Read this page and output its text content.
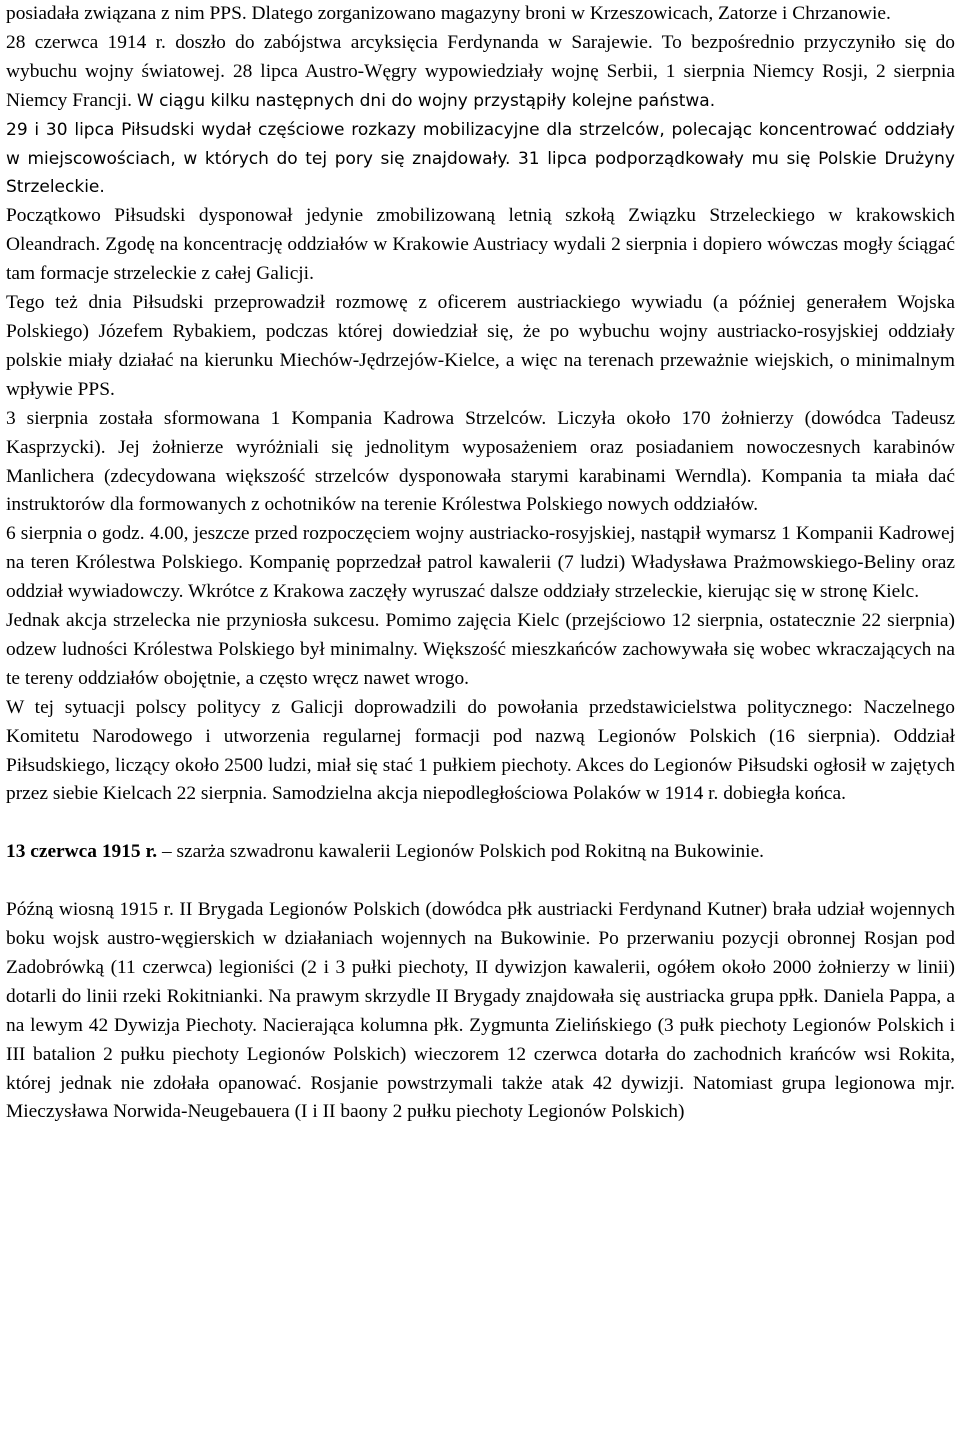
posiadała związana z nim PPS. Dlatego zorganizowano magazyny broni w Krzeszowicach, Zatorze i Chrzanowie.

28 czerwca 1914 r. doszło do zabójstwa arcyksięcia Ferdynanda w Sarajewie. To bezpośrednio przyczyniło się do wybuchu wojny światowej. 28 lipca Austro-Węgry wypowiedziały wojnę Serbii, 1 sierpnia Niemcy Rosji, 2 sierpnia Niemcy Francji. W ciągu kilku następnych dni do wojny przystąpiły kolejne państwa.

29 i 30 lipca Piłsudski wydał częściowe rozkazy mobilizacyjne dla strzelców, polecając koncentrować oddziały w miejscowościach, w których do tej pory się znajdowały. 31 lipca podporządkowały mu się Polskie Drużyny Strzeleckie.

Początkowo Piłsudski dysponował jedynie zmobilizowaną letnią szkołą Związku Strzeleckiego w krakowskich Oleandrach. Zgodę na koncentrację oddziałów w Krakowie Austriacy wydali 2 sierpnia i dopiero wówczas mogły ściągać tam formacje strzeleckie z całej Galicji.

Tego też dnia Piłsudski przeprowadził rozmowę z oficerem austriackiego wywiadu (a później generałem Wojska Polskiego) Józefem Rybakiem, podczas której dowiedział się, że po wybuchu wojny austriacko-rosyjskiej oddziały polskie miały działać na kierunku Miechów-Jędrzejów-Kielce, a więc na terenach przeważnie wiejskich, o minimalnym wpływie PPS.

3 sierpnia została sformowana 1 Kompania Kadrowa Strzelców. Liczyła około 170 żołnierzy (dowódca Tadeusz Kasprzycki). Jej żołnierze wyróżniali się jednolitym wyposażeniem oraz posiadaniem nowoczesnych karabinów Manlichera (zdecydowana większość strzelców dysponowała starymi karabinami Werndla). Kompania ta miała dać instruktorów dla formowanych z ochotników na terenie Królestwa Polskiego nowych oddziałów.

6 sierpnia o godz. 4.00, jeszcze przed rozpoczęciem wojny austriacko-rosyjskiej, nastąpił wymarsz 1 Kompanii Kadrowej na teren Królestwa Polskiego. Kompanię poprzedzał patrol kawalerii (7 ludzi) Władysława Prażmowskiego-Beliny oraz oddział wywiadowczy. Wkrótce z Krakowa zaczęły wyruszać dalsze oddziały strzeleckie, kierując się w stronę Kielc.

Jednak akcja strzelecka nie przyniosła sukcesu. Pomimo zajęcia Kielc (przejściowo 12 sierpnia, ostatecznie 22 sierpnia) odzew ludności Królestwa Polskiego był minimalny. Większość mieszkańców zachowywała się wobec wkraczających na te tereny oddziałów obojętnie, a często wręcz nawet wrogo.

W tej sytuacji polscy politycy z Galicji doprowadzili do powołania przedstawicielstwa politycznego: Naczelnego Komitetu Narodowego i utworzenia regularnej formacji pod nazwą Legionów Polskich (16 sierpnia). Oddział Piłsudskiego, liczący około 2500 ludzi, miał się stać 1 pułkiem piechoty. Akces do Legionów Piłsudski ogłosił w zajętych przez siebie Kielcach 22 sierpnia. Samodzielna akcja niepodległościowa Polaków w 1914 r. dobiegła końca.

13 czerwca 1915 r. – szarża szwadronu kawalerii Legionów Polskich pod Rokitną na Bukowinie.

Późną wiosną 1915 r. II Brygada Legionów Polskich (dowódca płk austriacki Ferdynand Kutner) brała udział wojennych boku wojsk austro-węgierskich w działaniach wojennych na Bukowinie. Po przerwaniu pozycji obronnej Rosjan pod Zadobrówką (11 czerwca) legioniści (2 i 3 pułki piechoty, II dywizjon kawalerii, ogółem około 2000 żołnierzy w linii) dotarli do linii rzeki Rokitnianki. Na prawym skrzydle II Brygady znajdowała się austriacka grupa ppłk. Daniela Pappa, a na lewym 42 Dywizja Piechoty. Nacierająca kolumna płk. Zygmunta Zielińskiego (3 pułk piechoty Legionów Polskich i III batalion 2 pułku piechoty Legionów Polskich) wieczorem 12 czerwca dotarła do zachodnich krańców wsi Rokita, której jednak nie zdołała opanować. Rosjanie powstrzymali także atak 42 dywizji. Natomiast grupa legionowa mjr. Mieczysława Norwida-Neugebauera (I i II baony 2 pułku piechoty Legionów Polskich)
